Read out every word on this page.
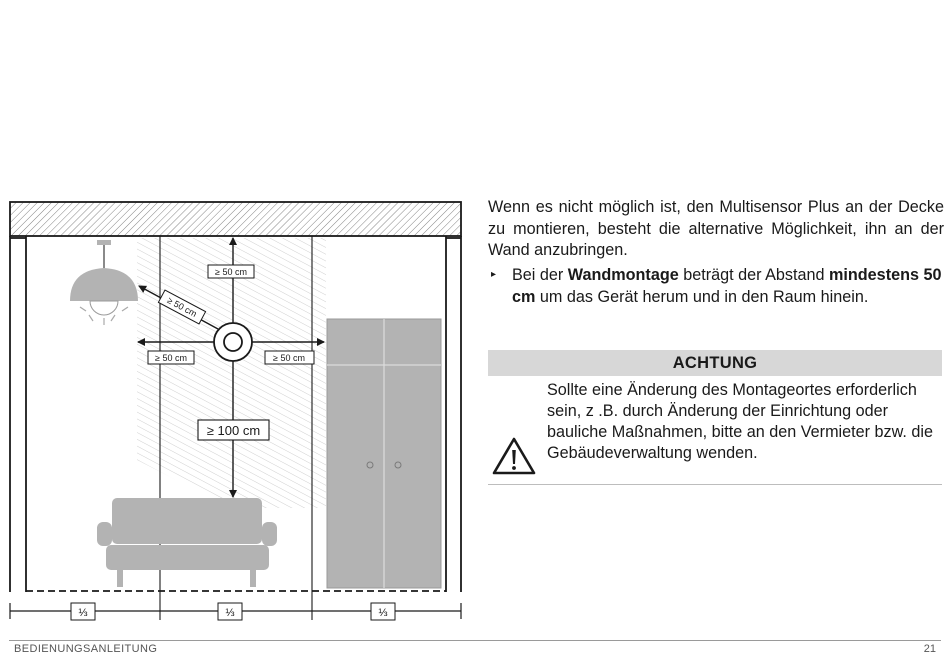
≥ 50 cm
≥ 50 cm
≥ 50 cm	≥ 50 cm
≥ 100 cm
⅓	⅓	⅓

Wenn es nicht möglich ist, den Multisensor Plus an der Decke zu montieren, besteht die alternative Möglichkeit, ihn an der Wand anzubringen.

▸ Bei der Wandmontage beträgt der Abstand mindestens 50 cm um das Gerät herum und in den Raum hinein.

ACHTUNG
Sollte eine Änderung des Montageortes erforderlich sein, z .B. durch Änderung der Einrichtung oder bauliche Maßnahmen, bitte an den Vermieter bzw. die Gebäudeverwaltung wenden.
BEDIENUNGSANLEITUNG	21
